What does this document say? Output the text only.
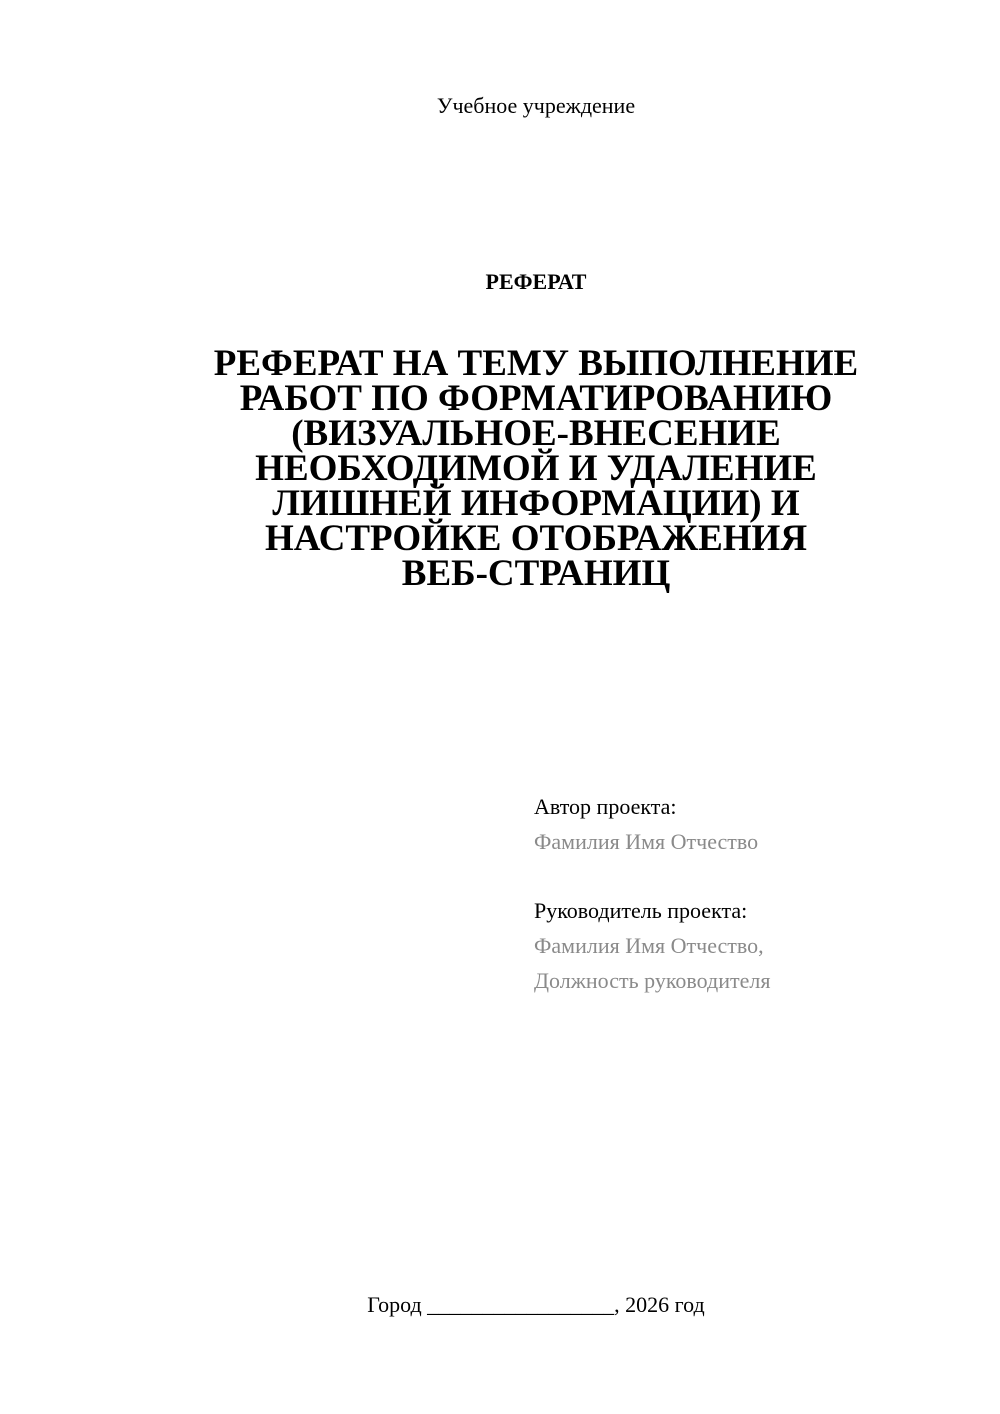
Учебное учреждение
РЕФЕРАТ
РЕФЕРАТ НА ТЕМУ ВЫПОЛНЕНИЕ
РАБОТ ПО ФОРМАТИРОВАНИЮ
(ВИЗУАЛЬНОЕ-ВНЕСЕНИЕ
НЕОБХОДИМОЙ И УДАЛЕНИЕ
ЛИШНЕЙ ИНФОРМАЦИИ) И
НАСТРОЙКЕ ОТОБРАЖЕНИЯ
ВЕБ-СТРАНИЦ
Автор проекта:
Фамилия Имя Отчество
Руководитель проекта:
Фамилия Имя Отчество,
Должность руководителя
Город _________________, 2026 год
